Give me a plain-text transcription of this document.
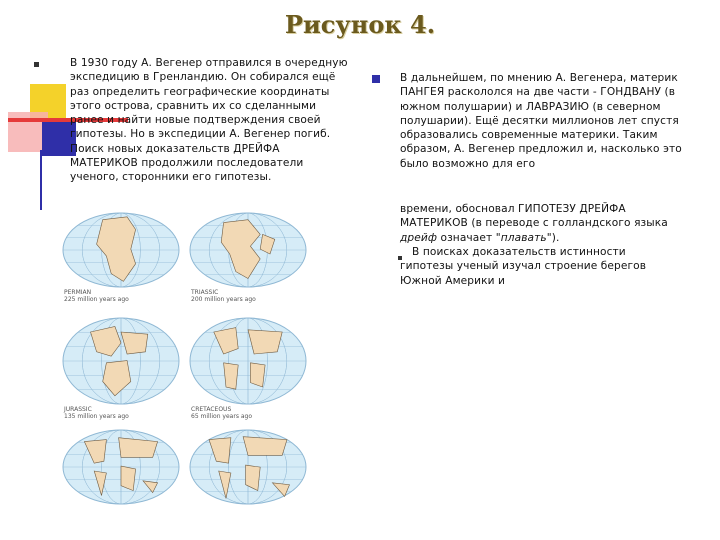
Рисунок 4.

В 1930 году А. Вегенер отправился в очередную экспедицию в Гренландию. Он собирался ещё раз определить географические координаты этого острова, сравнить их со сделанными ранее и найти новые подтверждения своей гипотезы. Но в экспедиции А. Вегенер погиб. Поиск новых доказательств ДРЕЙФА МАТЕРИКОВ продолжили последователи ученого, сторонники его гипотезы.

В дальнейшем, по мнению А. Вегенера, материк ПАНГЕЯ раскололся на две части - ГОНДВАНУ (в южном полушарии) и ЛАВРАЗИЮ (в северном полушарии). Ещё десятки миллионов лет спустя образовались современные материки. Таким образом, А. Вегенер предложил и, насколько это было возможно для его

времени, обосновал ГИПОТЕЗУ ДРЕЙФА МАТЕРИКОВ (в переводе с голландского языка дрейф означает "плавать").

В поисках доказательств истинности гипотезы ученый изучал строение берегов Южной Америки и

PERMIAN
225 million years ago
TRIASSIC
200 million years ago
JURASSIC
135 million years ago
CRETACEOUS
65 million years ago
